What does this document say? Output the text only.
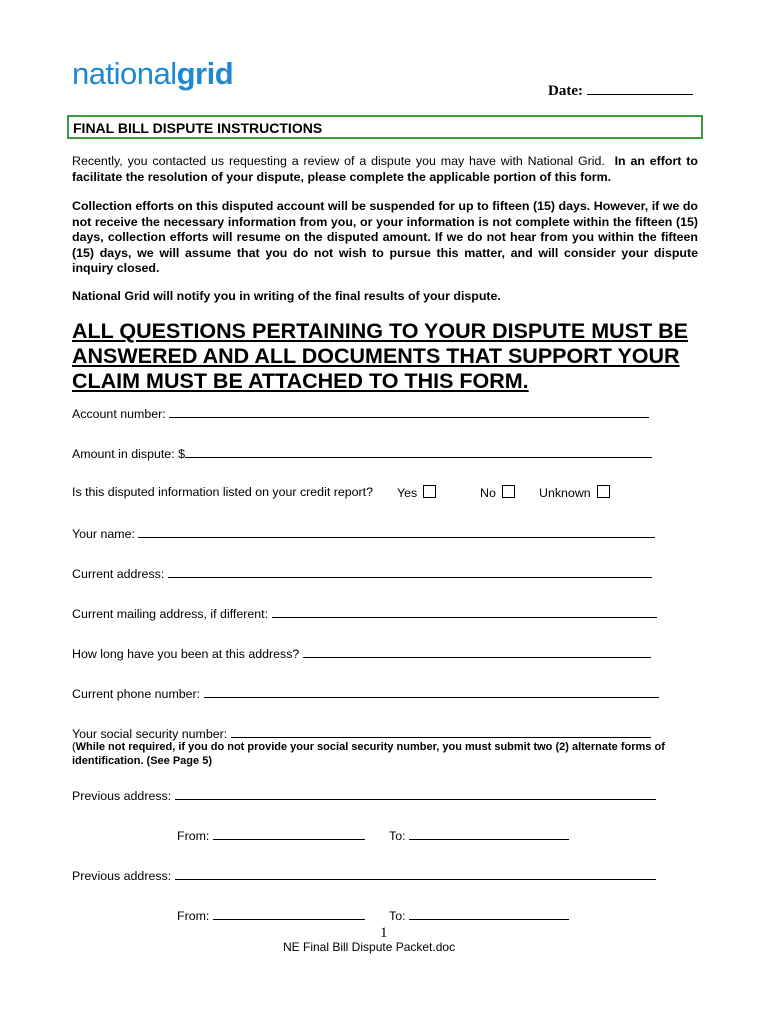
nationalgrid	Date:
FINAL BILL DISPUTE INSTRUCTIONS
Recently, you contacted us requesting a review of a dispute you may have with National Grid. In an effort to facilitate the resolution of your dispute, please complete the applicable portion of this form.
Collection efforts on this disputed account will be suspended for up to fifteen (15) days. However, if we do not receive the necessary information from you, or your information is not complete within the fifteen (15) days, collection efforts will resume on the disputed amount. If we do not hear from you within the fifteen (15) days, we will assume that you do not wish to pursue this matter, and will consider your dispute inquiry closed.
National Grid will notify you in writing of the final results of your dispute.
ALL QUESTIONS PERTAINING TO YOUR DISPUTE MUST BE ANSWERED AND ALL DOCUMENTS THAT SUPPORT YOUR CLAIM MUST BE ATTACHED TO THIS FORM.
Account number:
Amount in dispute: $
Is this disputed information listed on your credit report? Yes	No	Unknown
Your name:
Current address:
Current mailing address, if different:
How long have you been at this address?
Current phone number:
Your social security number:
(While not required, if you do not provide your social security number, you must submit two (2) alternate forms of identification. (See Page 5)
Previous address:
From:	To:
Previous address:
From:	To:
1
NE Final Bill Dispute Packet.doc
